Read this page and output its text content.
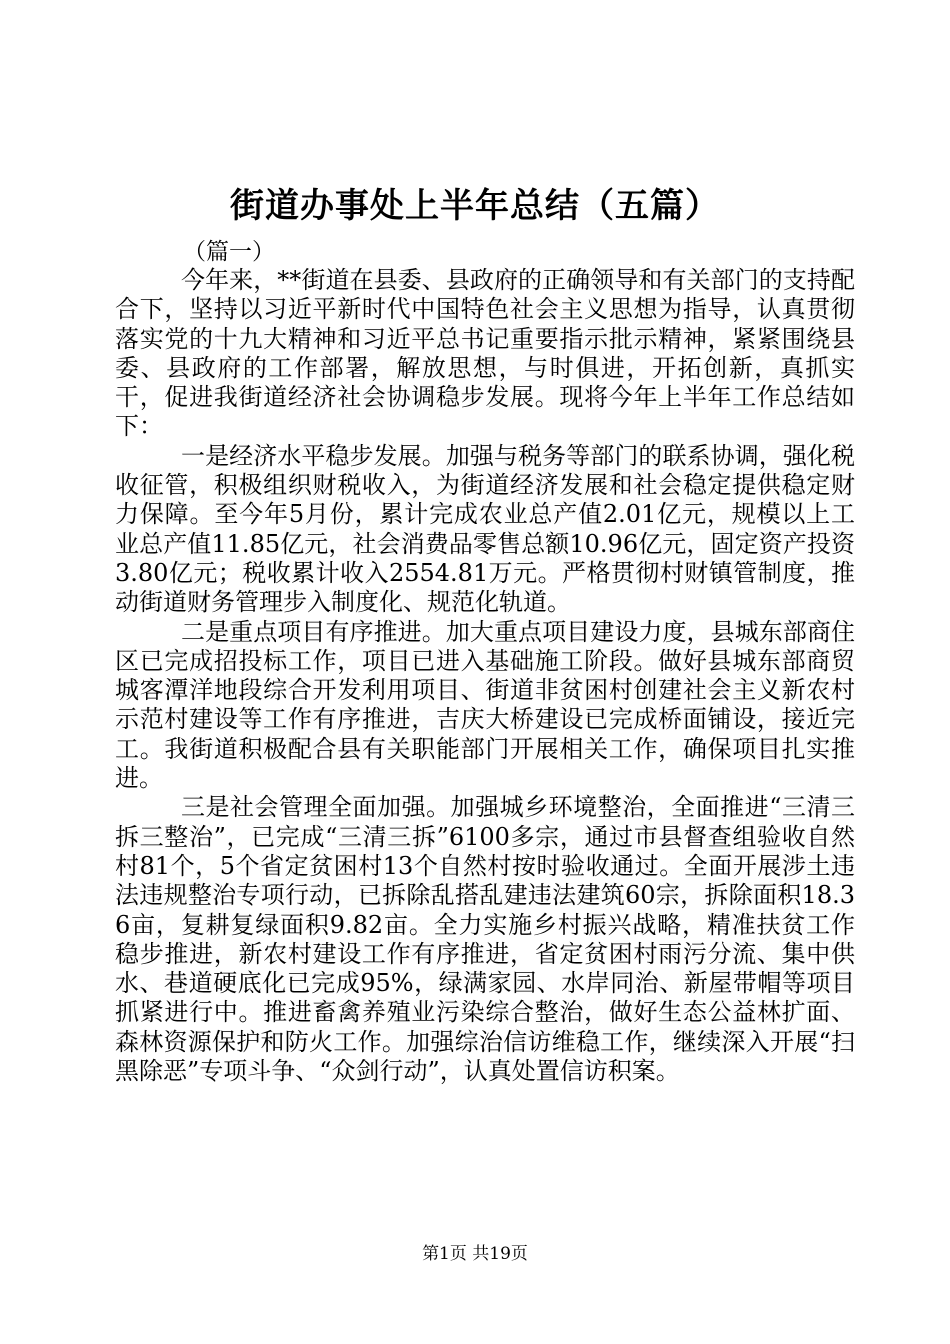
街道办事处上半年总结（五篇）
（篇一）

今年来，**街道在县委、县政府的正确领导和有关部门的支持配合下，坚持以习近平新时代中国特色社会主义思想为指导，认真贯彻落实党的十九大精神和习近平总书记重要指示批示精神，紧紧围绕县委、县政府的工作部署，解放思想，与时俱进，开拓创新，真抓实干，促进我街道经济社会协调稳步发展。现将今年上半年工作总结如下：

一是经济水平稳步发展。加强与税务等部门的联系协调，强化税收征管，积极组织财税收入，为街道经济发展和社会稳定提供稳定财力保障。至今年5月份，累计完成农业总产值2.01亿元，规模以上工业总产值11.85亿元，社会消费品零售总额10.96亿元，固定资产投资3.80亿元；税收累计收入2554.81万元。严格贯彻村财镇管制度，推动街道财务管理步入制度化、规范化轨道。

二是重点项目有序推进。加大重点项目建设力度，县城东部商住区已完成招投标工作，项目已进入基础施工阶段。做好县城东部商贸城客潭洋地段综合开发利用项目、街道非贫困村创建社会主义新农村示范村建设等工作有序推进，吉庆大桥建设已完成桥面铺设，接近完工。我街道积极配合县有关职能部门开展相关工作，确保项目扎实推进。

三是社会管理全面加强。加强城乡环境整治，全面推进“三清三拆三整治”，已完成“三清三拆”6100多宗，通过市县督查组验收自然村81个，5个省定贫困村13个自然村按时验收通过。全面开展涉土违法违规整治专项行动，已拆除乱搭乱建违法建筑60宗，拆除面积18.36亩，复耕复绿面积9.82亩。全力实施乡村振兴战略，精准扶贫工作稳步推进，新农村建设工作有序推进，省定贫困村雨污分流、集中供水、巷道硬底化已完成95%，绿满家园、水岸同治、新屋带帽等项目抓紧进行中。推进畜禽养殖业污染综合整治，做好生态公益林扩面、森林资源保护和防火工作。加强综治信访维稳工作，继续深入开展“扫黑除恶”专项斗争、“众剑行动”，认真处置信访积案。

第1页 共19页
